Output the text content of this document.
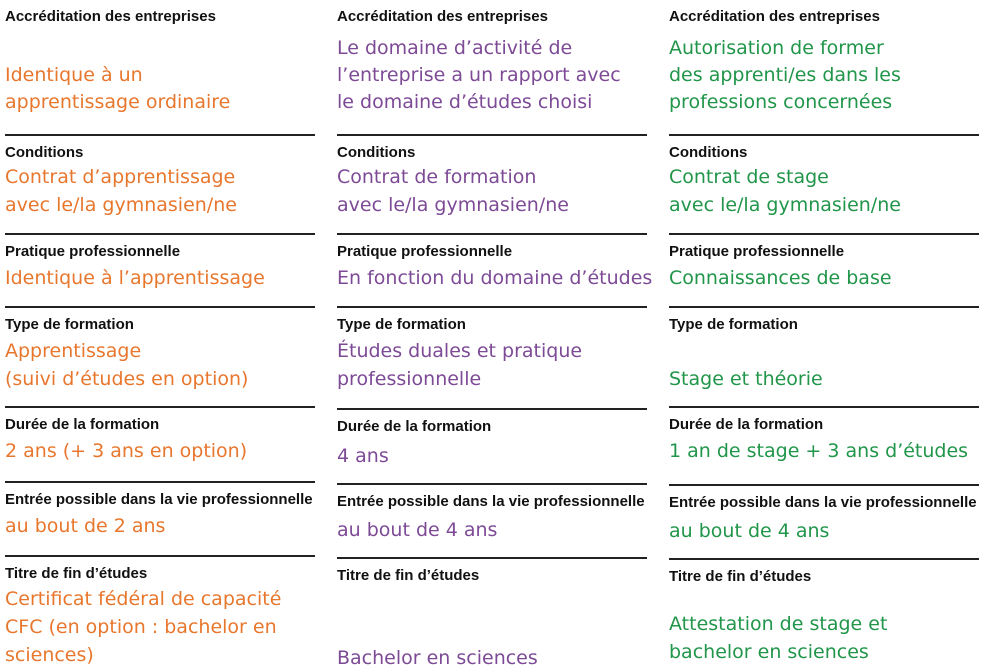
Accréditation des entreprises
Identique à un
apprentissage ordinaire
Conditions
Contrat d’apprentissage
avec le/la gymnasien/ne
Pratique professionnelle
Identique à l’apprentissage
Type de formation
Apprentissage
(suivi d’études en option)
Durée de la formation
2 ans (+ 3 ans en option)
Entrée possible dans la vie professionnelle
au bout de 2 ans
Titre de fin d’études
Certificat fédéral de capacité
CFC (en option : bachelor en
sciences)
Accréditation des entreprises
Le domaine d’activité de
l’entreprise a un rapport avec
le domaine d’études choisi
Conditions
Contrat de formation
avec le/la gymnasien/ne
Pratique professionnelle
En fonction du domaine d’études
Type de formation
Études duales et pratique
professionnelle
Durée de la formation
4 ans
Entrée possible dans la vie professionnelle
au bout de 4 ans
Titre de fin d’études
Bachelor en sciences
Accréditation des entreprises
Autorisation de former
des apprenti/es dans les
professions concernées
Conditions
Contrat de stage
avec le/la gymnasien/ne
Pratique professionnelle
Connaissances de base
Type de formation
Stage et théorie
Durée de la formation
1 an de stage + 3 ans d’études
Entrée possible dans la vie professionnelle
au bout de 4 ans
Titre de fin d’études
Attestation de stage et
bachelor en sciences
